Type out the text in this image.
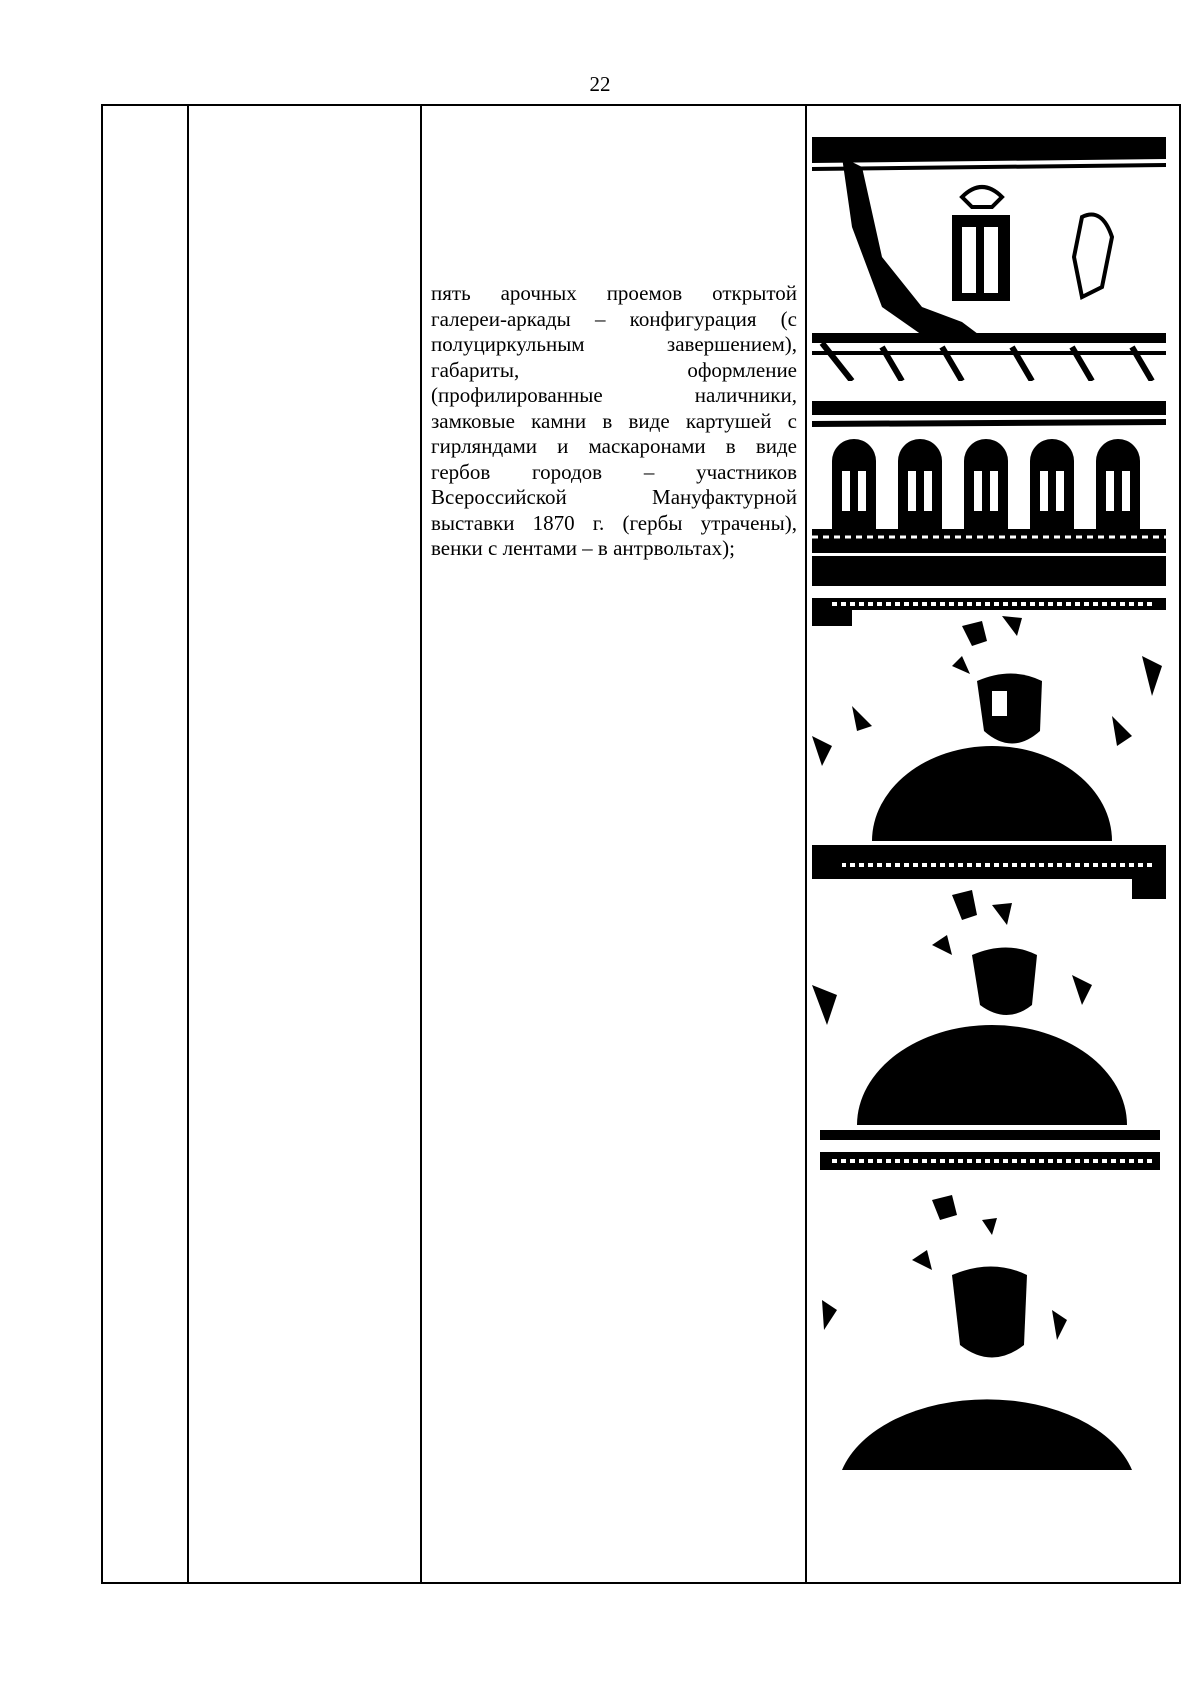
22
пять арочных проемов открытой галереи-аркады – конфигурация (с полуциркульным завершением), габариты, оформление (профилированные наличники, замковые камни в виде картушей с гирляндами и маскаронами в виде гербов городов – участников Всероссийской Мануфактурной выставки 1870 г. (гербы утрачены), венки с лентами – в антрвольтах);
